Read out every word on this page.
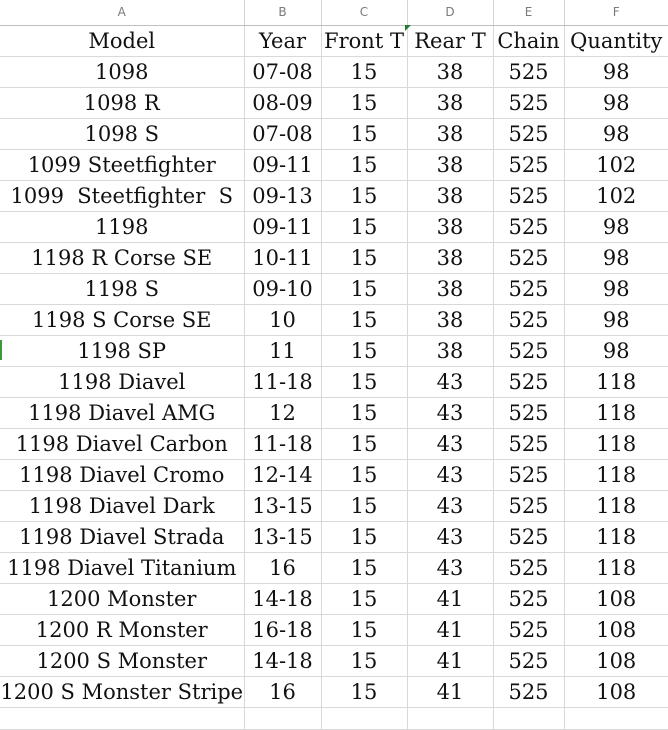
A	B	C	D	E	F
Model	Year	Front T	Rear T	Chain	Quantity
1098	07-08	15	38	525	98
1098 R	08-09	15	38	525	98
1098 S	07-08	15	38	525	98
1099 Steetfighter	09-11	15	38	525	102
1099  Steetfighter  S	09-13	15	38	525	102
1198	09-11	15	38	525	98
1198 R Corse SE	10-11	15	38	525	98
1198 S	09-10	15	38	525	98
1198 S Corse SE	10	15	38	525	98
1198 SP	11	15	38	525	98
1198 Diavel	11-18	15	43	525	118
1198 Diavel AMG	12	15	43	525	118
1198 Diavel Carbon	11-18	15	43	525	118
1198 Diavel Cromo	12-14	15	43	525	118
1198 Diavel Dark	13-15	15	43	525	118
1198 Diavel Strada	13-15	15	43	525	118
1198 Diavel Titanium	16	15	43	525	118
1200 Monster	14-18	15	41	525	108
1200 R Monster	16-18	15	41	525	108
1200 S Monster	14-18	15	41	525	108
1200 S Monster Stripe	16	15	41	525	108
